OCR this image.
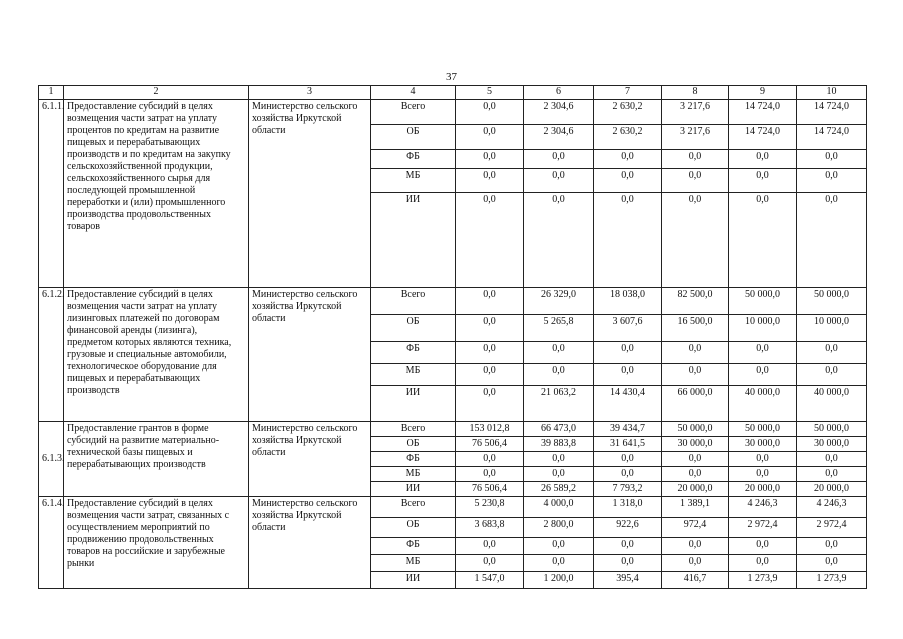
37
1	2	3	4	5	6	7	8	9	10
6.1.1.	Предоставление субсидий в целях возмещения части затрат на уплату процентов по кредитам на развитие пищевых и перерабатывающих производств и по кредитам на закупку сельскохозяйственной продукции, сельскохозяйственного сырья для последующей промышленной переработки и (или) промышленного производства продовольственных товаров	Министерство сельского хозяйства Иркутской области	Всего	0,0	2 304,6	2 630,2	3 217,6	14 724,0	14 724,0
			ОБ	0,0	2 304,6	2 630,2	3 217,6	14 724,0	14 724,0
			ФБ	0,0	0,0	0,0	0,0	0,0	0,0
			МБ	0,0	0,0	0,0	0,0	0,0	0,0
			ИИ	0,0	0,0	0,0	0,0	0,0	0,0
6.1.2.	Предоставление субсидий в целях возмещения части затрат на уплату лизинговых платежей по договорам финансовой аренды (лизинга), предметом которых являются техника, грузовые и специальные автомобили, технологическое оборудование для пищевых и перерабатывающих производств	Министерство сельского хозяйства Иркутской области	Всего	0,0	26 329,0	18 038,0	82 500,0	50 000,0	50 000,0
			ОБ	0,0	5 265,8	3 607,6	16 500,0	10 000,0	10 000,0
			ФБ	0,0	0,0	0,0	0,0	0,0	0,0
			МБ	0,0	0,0	0,0	0,0	0,0	0,0
			ИИ	0,0	21 063,2	14 430,4	66 000,0	40 000,0	40 000,0
6.1.3.	Предоставление грантов в форме субсидий на развитие материально-технической базы пищевых и перерабатывающих производств	Министерство сельского хозяйства Иркутской области	Всего	153 012,8	66 473,0	39 434,7	50 000,0	50 000,0	50 000,0
			ОБ	76 506,4	39 883,8	31 641,5	30 000,0	30 000,0	30 000,0
			ФБ	0,0	0,0	0,0	0,0	0,0	0,0
			МБ	0,0	0,0	0,0	0,0	0,0	0,0
			ИИ	76 506,4	26 589,2	7 793,2	20 000,0	20 000,0	20 000,0
6.1.4.	Предоставление субсидий в целях возмещения части затрат, связанных с осуществлением мероприятий по продвижению продовольственных товаров на российские и зарубежные рынки	Министерство сельского хозяйства Иркутской области	Всего	5 230,8	4 000,0	1 318,0	1 389,1	4 246,3	4 246,3
			ОБ	3 683,8	2 800,0	922,6	972,4	2 972,4	2 972,4
			ФБ	0,0	0,0	0,0	0,0	0,0	0,0
			МБ	0,0	0,0	0,0	0,0	0,0	0,0
			ИИ	1 547,0	1 200,0	395,4	416,7	1 273,9	1 273,9
